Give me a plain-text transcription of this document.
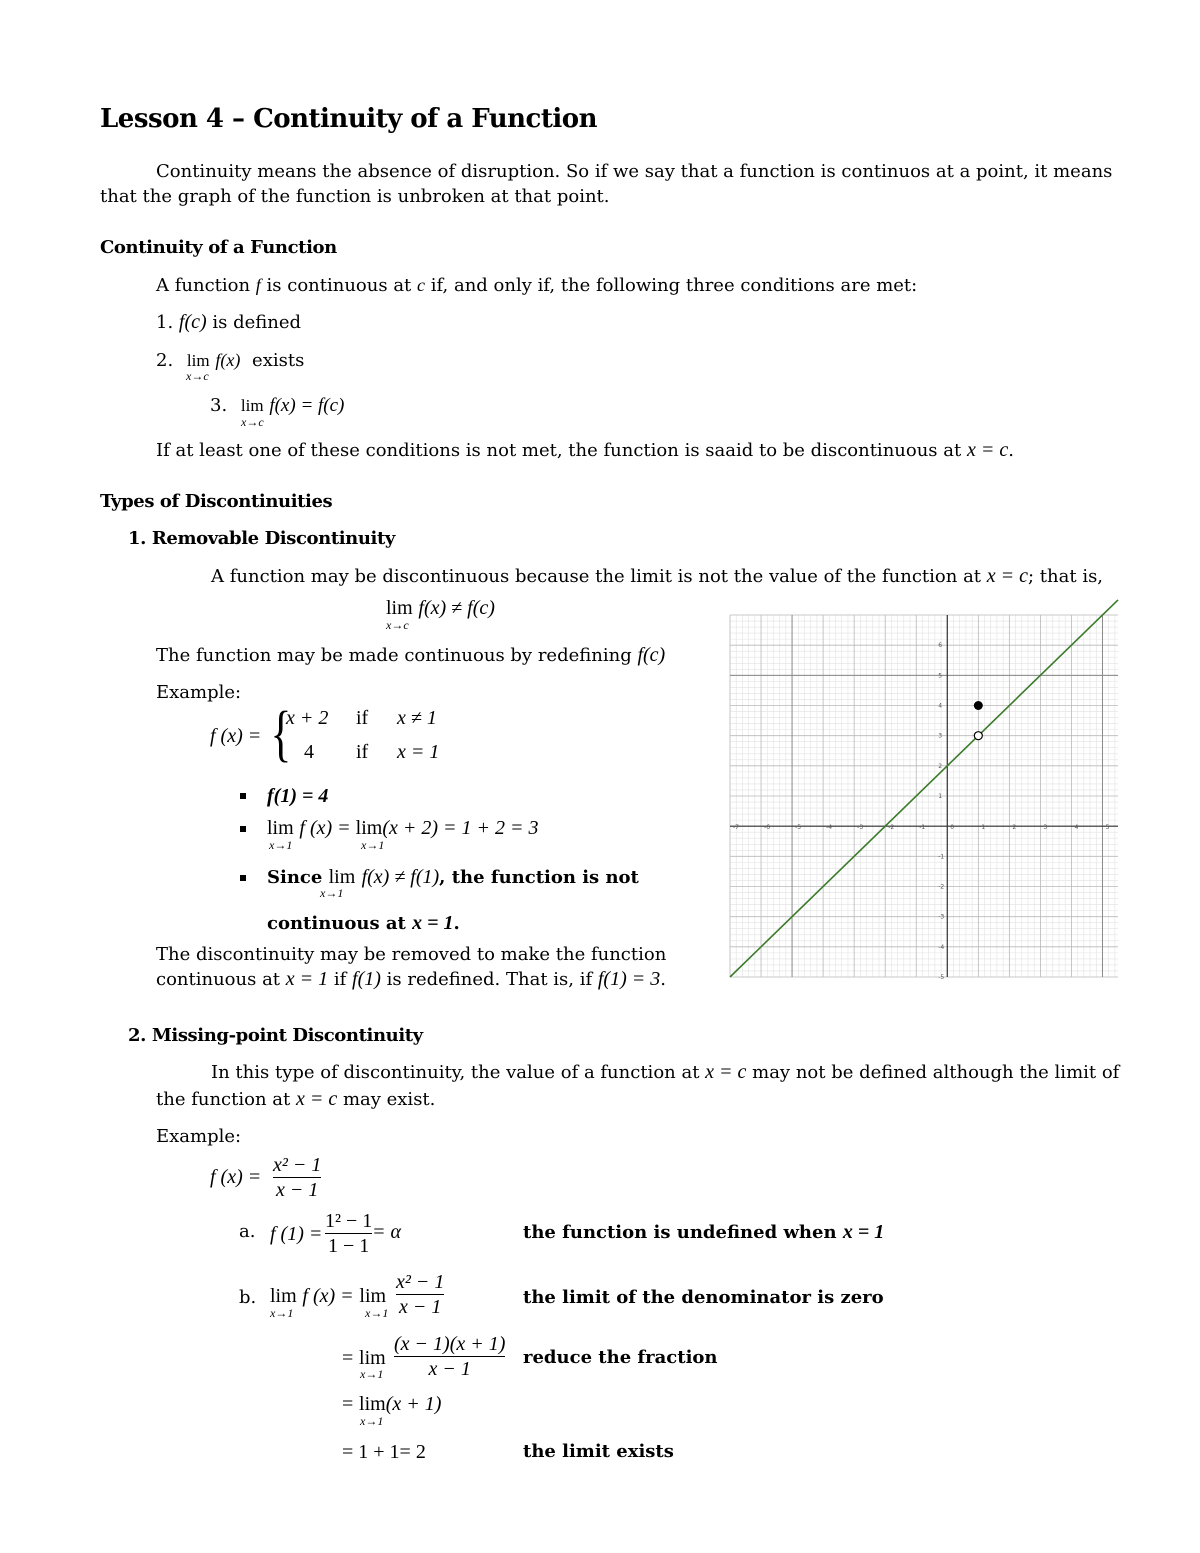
Lesson 4 – Continuity of a Function
Continuity means the absence of disruption. So if we say that a function is continuos at a point, it means
that the graph of the function is unbroken at that point.
Continuity of a Function
A function f is continuous at c if, and only if, the following three conditions are met:
1. f(c) is defined
2. lim f(x) exists
x→c
3. lim f(x) = f(c)
x→c
If at least one of these conditions is not met, the function is saaid to be discontinuous at x = c.
Types of Discontinuities
1. Removable Discontinuity
A function may be discontinuous because the limit is not the value of the function at x = c; that is,
lim f(x) ≠ f(c)
x→c
The function may be made continuous by redefining f(c)
Example:
f (x) = {
x + 2 if x ≠ 1
4 if x = 1
f(1) = 4
lim f (x) = lim(x + 2) = 1 + 2 = 3
x→1	x→1
Since lim f(x) ≠ f(1), the function is not
x→1
continuous at x = 1.
The discontinuity may be removed to make the function
continuous at x = 1 if f(1) is redefined. That is, if f(1) = 3.
-7	-6	-5	-4	-3	-2	-1	0	1	2	3	4	5
-5
-4
-3
-2
-1
1
2
3
4
5
6
2. Missing-point Discontinuity
In this type of discontinuity, the value of a function at x = c may not be defined although the limit of
the function at x = c may exist.
Example:
f (x) =
x² − 1
x − 1
a. f (1) =
1² − 1
1 − 1
= α	the function is undefined when x = 1
b. lim f (x) = lim
x→1	x→1
x² − 1
x − 1	the limit of the denominator is zero
= lim
x→1
(x − 1)(x + 1)
x − 1
reduce the fraction
= lim(x + 1)
x→1
= 1 + 1= 2	the limit exists
